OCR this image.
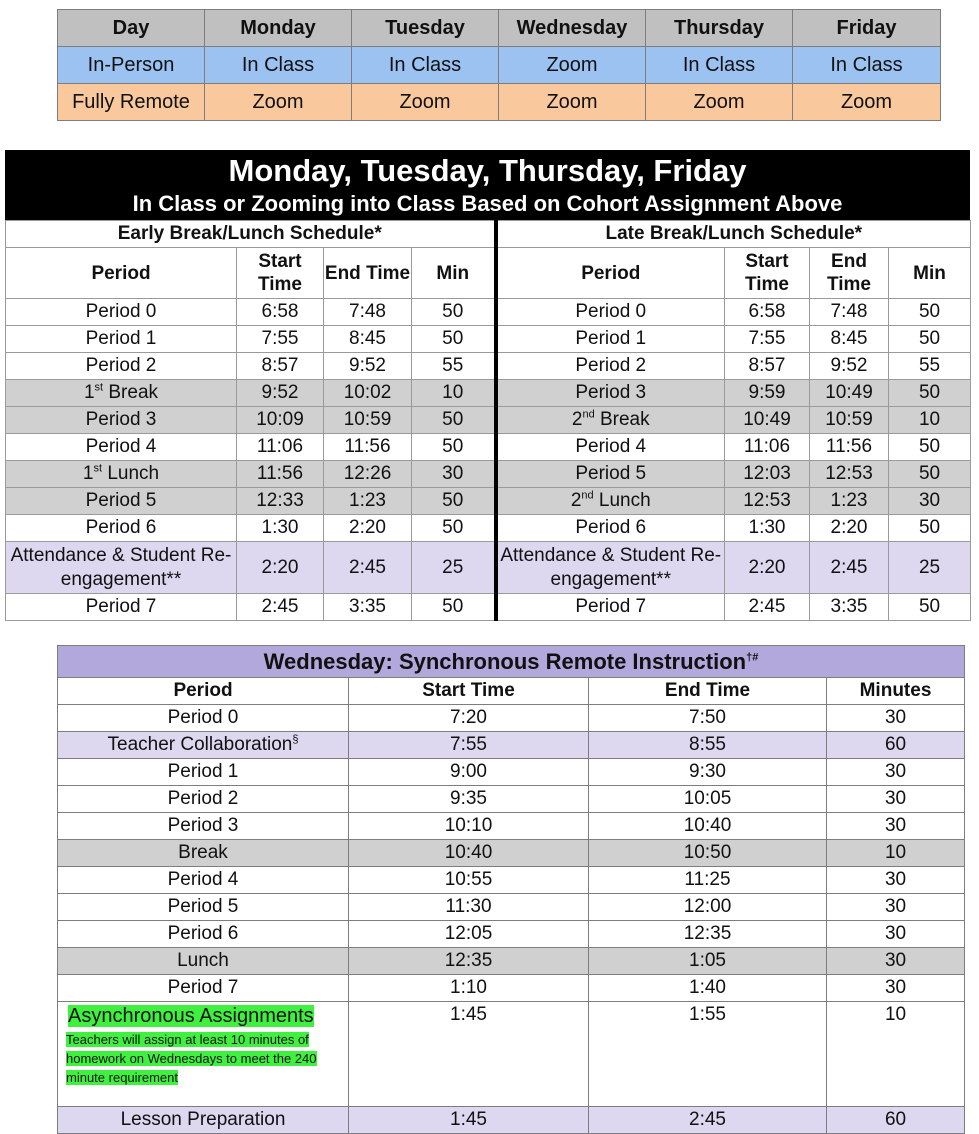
Day	Monday	Tuesday	Wednesday	Thursday	Friday
In-Person	In Class	In Class	Zoom	In Class	In Class
Fully Remote	Zoom	Zoom	Zoom	Zoom	Zoom
Monday, Tuesday, Thursday, Friday
In Class or Zooming into Class Based on Cohort Assignment Above
Early Break/Lunch Schedule*				Late Break/Lunch Schedule*			
Period	Start Time	End Time	Min	Period	Start Time	End Time	Min
Period 0	6:58	7:48	50	Period 0	6:58	7:48	50
Period 1	7:55	8:45	50	Period 1	7:55	8:45	50
Period 2	8:57	9:52	55	Period 2	8:57	9:52	55
1st Break	9:52	10:02	10	Period 3	9:59	10:49	50
Period 3	10:09	10:59	50	2nd Break	10:49	10:59	10
Period 4	11:06	11:56	50	Period 4	11:06	11:56	50
1st Lunch	11:56	12:26	30	Period 5	12:03	12:53	50
Period 5	12:33	1:23	50	2nd Lunch	12:53	1:23	30
Period 6	1:30	2:20	50	Period 6	1:30	2:20	50
Attendance & Student Re-engagement**	2:20	2:45	25	Attendance & Student Re-engagement**	2:20	2:45	25
Period 7	2:45	3:35	50	Period 7	2:45	3:35	50
Wednesday: Synchronous Remote Instruction†#
Period	Start Time	End Time	Minutes
Period 0	7:20	7:50	30
Teacher Collaboration§	7:55	8:55	60
Period 1	9:00	9:30	30
Period 2	9:35	10:05	30
Period 3	10:10	10:40	30
Break	10:40	10:50	10
Period 4	10:55	11:25	30
Period 5	11:30	12:00	30
Period 6	12:05	12:35	30
Lunch	12:35	1:05	30
Period 7	1:10	1:40	30

Asynchronous Assignments
Teachers will assign at least 10 minutes of homework on Wednesdays to meet the 240 minute requirement	1:45	1:55	10
Lesson Preparation	1:45	2:45	60
